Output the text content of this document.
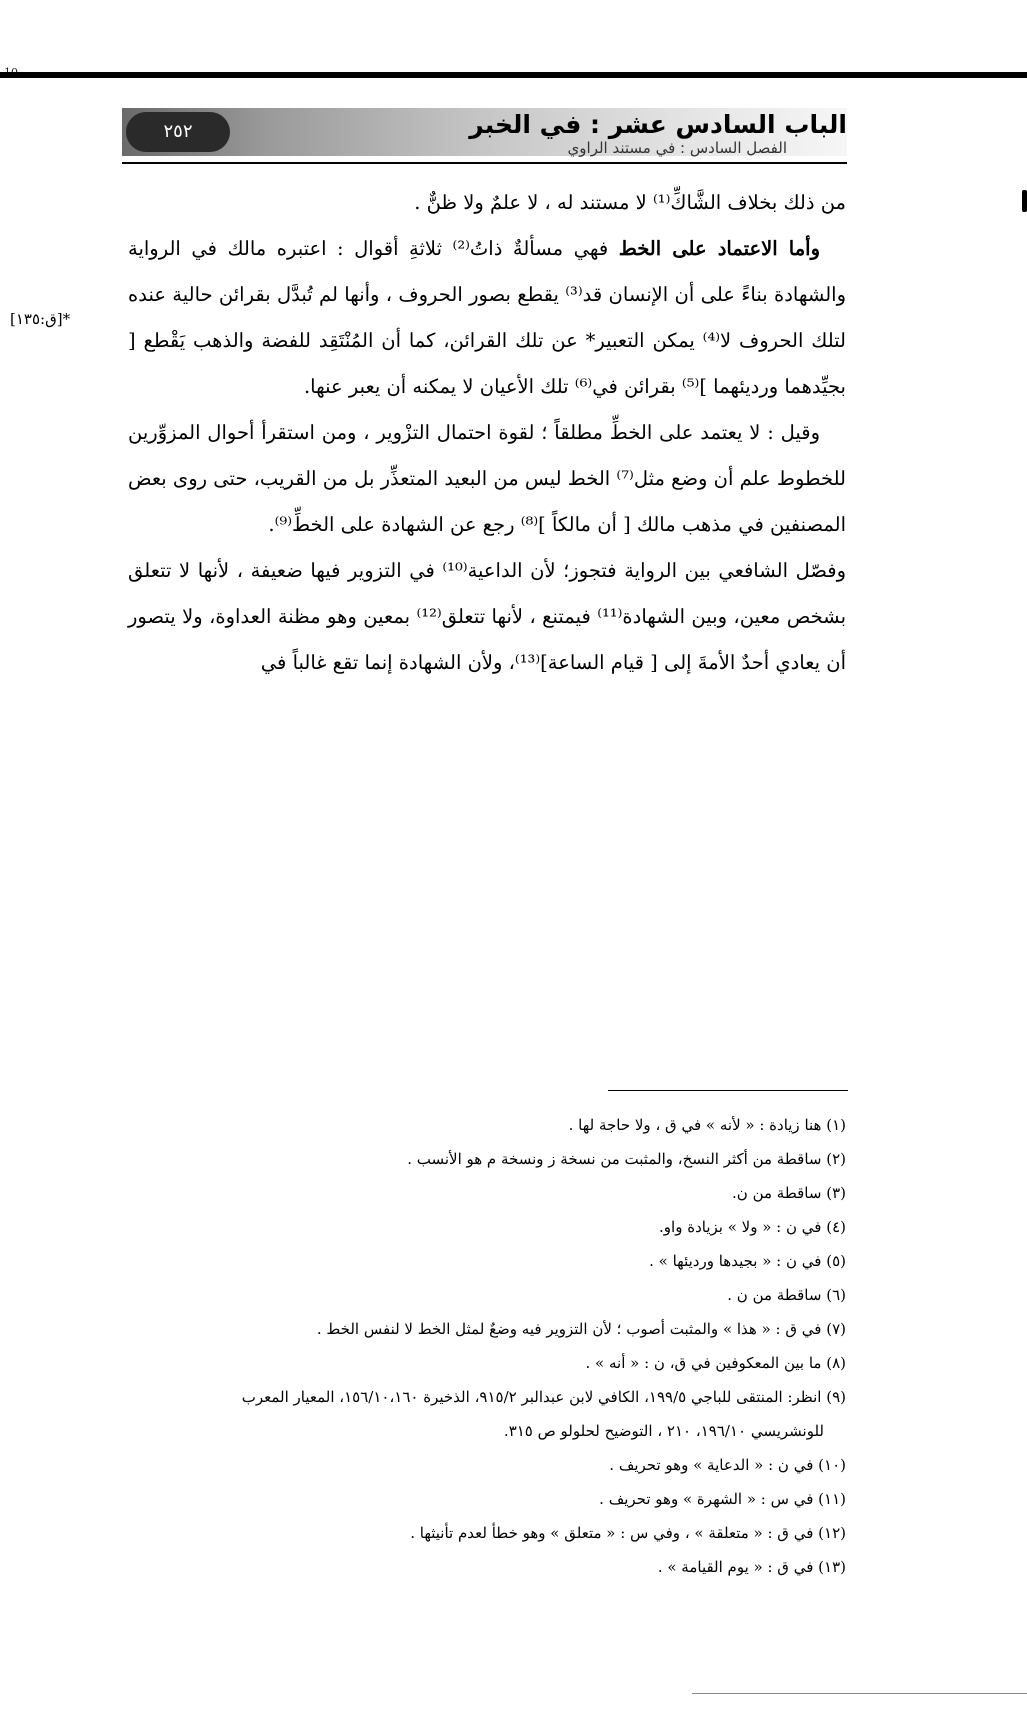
٢٥٢	الباب السادس عشر : في الخبر
الفصل السادس : في مستند الراوي

من ذلك بخلاف الشَّاكِّ⁽¹⁾ لا مستند له ، لا علمٌ ولا ظنٌّ .

وأما الاعتماد على الخط فهي مسألةٌ ذاتُ⁽²⁾ ثلاثةِ أقوال : اعتبره مالك في الرواية والشهادة بناءً على أن الإنسان قد⁽³⁾ يقطع بصور الحروف ، وأنها لم تُبدَّل بقرائن حالية عنده لتلك الحروف لا⁽⁴⁾ يمكن التعبير* عن تلك القرائن، كما أن المُنْتَقِد للفضة والذهب يَقْطع [ بجيِّدهما ورديئهما ]⁽⁵⁾ بقرائن في⁽⁶⁾ تلك الأعيان لا يمكنه أن يعبر عنها.

وقيل : لا يعتمد على الخطِّ مطلقاً ؛ لقوة احتمال التزْوير ، ومن استقرأ أحوال المزوِّرين للخطوط علم أن وضع مثل⁽⁷⁾ الخط ليس من البعيد المتعذِّر بل من القريب، حتى روى بعض المصنفين في مذهب مالك [ أن مالكاً ]⁽⁸⁾ رجع عن الشهادة على الخطِّ⁽⁹⁾.

وفصّل الشافعي بين الرواية فتجوز؛ لأن الداعية⁽¹⁰⁾ في التزوير فيها ضعيفة ، لأنها لا تتعلق بشخص معين، وبين الشهادة⁽¹¹⁾ فيمتنع ، لأنها تتعلق⁽¹²⁾ بمعين وهو مظنة العداوة، ولا يتصور أن يعادي أحدٌ الأمةَ إلى [ قيام الساعة]⁽¹³⁾، ولأن الشهادة إنما تقع غالباً في

*[ق:١٣٥]
(١) هنا زيادة : « لأنه » في ق ، ولا حاجة لها .
(٢) ساقطة من أكثر النسخ، والمثبت من نسخة ز ونسخة م هو الأنسب .
(٣) ساقطة من ن.
(٤) في ن : « ولا » بزيادة واو.
(٥) في ن : « بجيدها ورديئها » .
(٦) ساقطة من ن .
(٧) في ق : « هذا » والمثبت أصوب ؛ لأن التزوير فيه وضعٌ لمثل الخط لا لنفس الخط .
(٨) ما بين المعكوفين في ق، ن : « أنه » .
(٩) انظر: المنتقى للباجي ١٩٩/٥، الكافي لابن عبدالبر ٩١٥/٢، الذخيرة ١٥٦/١٠،١٦٠، المعيار المعرب
للونشريسي ١٩٦/١٠، ٢١٠ ، التوضيح لحلولو ص ٣١٥.
(١٠) في ن : « الدعاية » وهو تحريف .
(١١) في س : « الشهرة » وهو تحريف .
(١٢) في ق : « متعلقة » ، وفي س : « متعلق » وهو خطأ لعدم تأنيثها .
(١٣) في ق : « يوم القيامة » .
